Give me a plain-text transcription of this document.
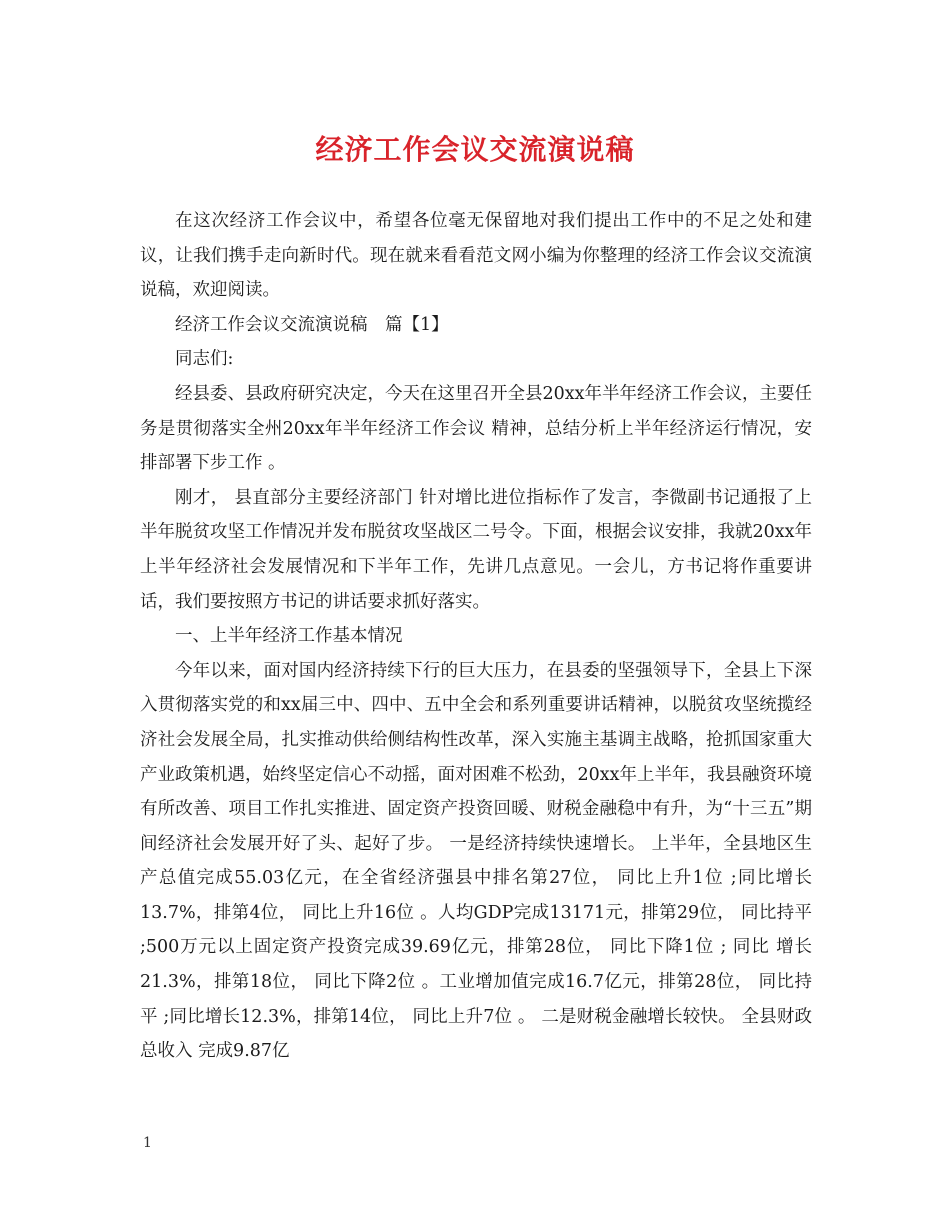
经济工作会议交流演说稿

在这次经济工作会议中，希望各位毫无保留地对我们提出工作中的不足之处和建议，让我们携手走向新时代。现在就来看看范文网小编为你整理的经济工作会议交流演说稿，欢迎阅读。

经济工作会议交流演说稿　篇【1】

同志们:

经县委、县政府研究决定，今天在这里召开全县20xx年半年经济工作会议，主要任务是贯彻落实全州20xx年半年经济工作会议 精神，总结分析上半年经济运行情况，安排部署下步工作 。

刚才， 县直部分主要经济部门 针对增比进位指标作了发言，李微副书记通报了上半年脱贫攻坚工作情况并发布脱贫攻坚战区二号令。下面，根据会议安排，我就20xx年上半年经济社会发展情况和下半年工作，先讲几点意见。一会儿，方书记将作重要讲话，我们要按照方书记的讲话要求抓好落实。

一、上半年经济工作基本情况

今年以来，面对国内经济持续下行的巨大压力，在县委的坚强领导下，全县上下深入贯彻落实党的和xx届三中、四中、五中全会和系列重要讲话精神，以脱贫攻坚统揽经济社会发展全局，扎实推动供给侧结构性改革，深入实施主基调主战略，抢抓国家重大产业政策机遇，始终坚定信心不动摇，面对困难不松劲，20xx年上半年，我县融资环境有所改善、项目工作扎实推进、固定资产投资回暖、财税金融稳中有升，为“十三五”期间经济社会发展开好了头、起好了步。 一是经济持续快速增长。 上半年，全县地区生产总值完成55.03亿元，在全省经济强县中排名第27位， 同比上升1位 ;同比增长13.7%，排第4位， 同比上升16位 。人均GDP完成13171元，排第29位， 同比持平 ;500万元以上固定资产投资完成39.69亿元，排第28位， 同比下降1位 ; 同比 增长21.3%，排第18位， 同比下降2位 。工业增加值完成16.7亿元，排第28位， 同比持平 ;同比增长12.3%，排第14位， 同比上升7位 。 二是财税金融增长较快。 全县财政总收入 完成9.87亿

1
